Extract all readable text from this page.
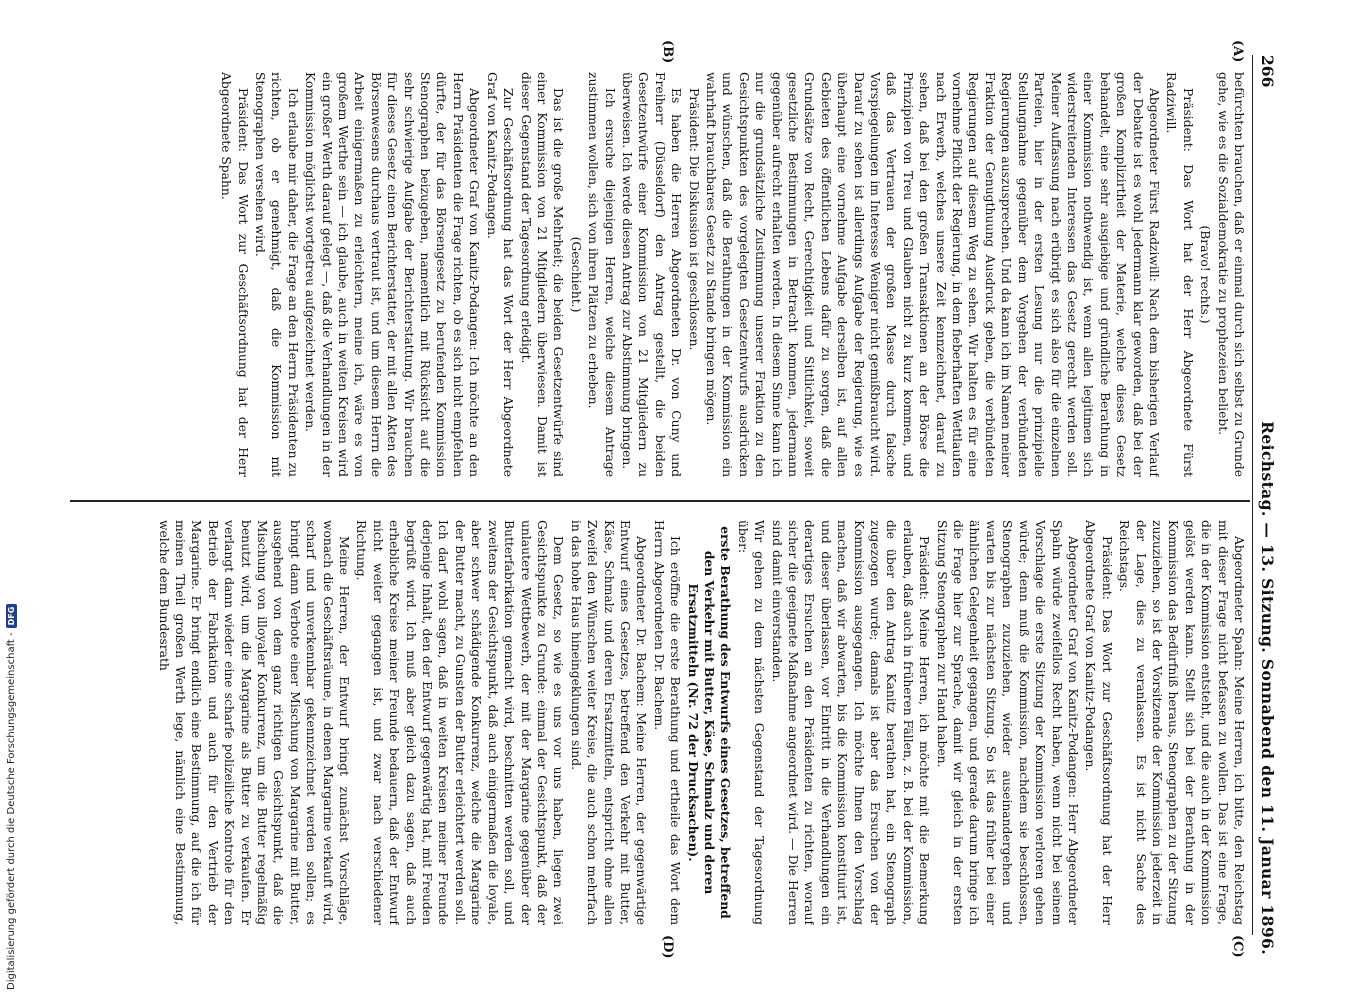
266
Reichstag. — 13. Sitzung. Sonnabend den 11. Januar 1896.
(A)
(B)
(C)
(D)

befürchten brauchen, daß er einmal durch sich selbst zu Grunde gehe, wie es die Sozialdemokratie zu prophezeien beliebt.

(Bravo! rechts.)

Präsident: Das Wort hat der Herr Abgeordnete Fürst Radziwill.

Abgeordneter Fürst Radziwill: Nach dem bisherigen Verlauf der Debatte ist es wohl jedermann klar geworden, daß bei der großen Komplizirtheit der Materie, welche dieses Gesetz behandelt, eine sehr ausgiebige und gründliche Berathung in einer Kommission nothwendig ist, wenn allen legitimen sich widerstreitenden Interessen das Gesetz gerecht werden soll. Meiner Auffassung nach erübrigt es sich also für die einzelnen Parteien, hier in der ersten Lesung nur die prinzipielle Stellungnahme gegenüber dem Vorgehen der verbündeten Regierungen auszusprechen. Und da kann ich im Namen meiner Fraktion der Genugthuung Ausdruck geben, die verbündeten Regierungen auf diesem Weg zu sehen. Wir halten es für eine vornehme Pflicht der Regierung, in dem fieberhaften Wettlaufen nach Erwerb, welches unsere Zeit kennzeichnet, darauf zu sehen, daß bei den großen Transaktionen an der Börse die Prinzipien von Treu und Glauben nicht zu kurz kommen, und daß das Vertrauen der großen Masse durch falsche Vorspiegelungen im Interesse Weniger nicht gemißbraucht wird. Darauf zu sehen ist allerdings Aufgabe der Regierung, wie es überhaupt eine vornehme Aufgabe derselben ist, auf allen Gebieten des öffentlichen Lebens dafür zu sorgen, daß die Grundsätze von Recht, Gerechtigkeit und Sittlichkeit, soweit gesetzliche Bestimmungen in Betracht kommen, jedermann gegenüber aufrecht erhalten werden. In diesem Sinne kann ich nur die grundsätzliche Zustimmung unserer Fraktion zu den Gesichtspunkten des vorgelegten Gesetzentwurfs ausdrücken und wünschen, daß die Berathungen in der Kommission ein wahrhaft brauchbares Gesetz zu Stande bringen mögen.

Präsident: Die Diskussion ist geschlossen.

Es haben die Herren Abgeordneten Dr. von Cuny und Freiherr (Düsseldorf) den Antrag gestellt, die beiden Gesetzentwürfe einer Kommission von 21 Mitgliedern zu überweisen. Ich werde diesen Antrag zur Abstimmung bringen.

Ich ersuche diejenigen Herren, welche diesem Antrage zustimmen wollen, sich von ihren Plätzen zu erheben.

(Geschieht.)

Das ist die große Mehrheit; die beiden Gesetzentwürfe sind einer Kommission von 21 Mitgliedern überwiesen. Damit ist dieser Gegenstand der Tagesordnung erledigt.

Zur Geschäftsordnung hat das Wort der Herr Abgeordnete Graf von Kanitz-Podangen.

Abgeordneter Graf von Kanitz-Podangen: Ich möchte an den Herrn Präsidenten die Frage richten, ob es sich nicht empfehlen dürfte, der für das Börsengesetz zu berufenden Kommission Stenographen beizugeben, namentlich mit Rücksicht auf die sehr schwierige Aufgabe der Berichterstattung. Wir brauchen für dieses Gesetz einen Berichterstatter, der mit allen Akten des Börsenwesens durchaus vertraut ist, und um diesem Herrn die Arbeit einigermaßen zu erleichtern, meine ich, wäre es von großem Werthe sein — ich glaube, auch in weiten Kreisen wird ein großer Werth darauf gelegt —, daß die Verhandlungen in der Kommission möglichst wortgetreu aufgezeichnet werden.

Ich erlaube mir daher, die Frage an den Herrn Präsidenten zu richten, ob er genehmigt, daß die Kommission mit Stenographen versehen wird.

Präsident: Das Wort zur Geschäftsordnung hat der Herr Abgeordnete Spahn.

Abgeordneter Spahn: Meine Herren, ich bitte, den Reichstag mit dieser Frage nicht befassen zu wollen. Das ist eine Frage, die in der Kommission entsteht, und die auch in der Kommission gelöst werden kann. Stellt sich bei der Berathung in der Kommission das Bedürfniß heraus, Stenographen zu der Sitzung zuzuziehen, so ist der Vorsitzende der Kommission jederzeit in der Lage, dies zu veranlassen. Es ist nicht Sache des Reichstags.

Präsident: Das Wort zur Geschäftsordnung hat der Herr Abgeordnete Graf von Kanitz-Podangen.

Abgeordneter Graf von Kanitz-Podangen: Herr Abgeordneter Spahn würde zweifellos Recht haben, wenn nicht bei seinem Vorschlage die erste Sitzung der Kommission verloren gehen würde; denn muß die Kommission, nachdem sie beschlossen, Stenographen zuzuziehen, wieder auseinandergehen und warten bis zur nächsten Sitzung. So ist das früher bei einer ähnlichen Gelegenheit gegangen, und gerade darum bringe ich die Frage hier zur Sprache, damit wir gleich in der ersten Sitzung Stenographen zur Hand haben.

Präsident: Meine Herren, ich möchte mit die Bemerkung erlauben, daß auch in früheren Fällen, z. B. bei der Kommission, die über den Antrag Kanitz berathen hat, ein Stenograph zugezogen wurde; damals ist aber das Ersuchen von der Kommission ausgegangen. Ich möchte Ihnen den Vorschlag machen, daß wir abwarten, bis die Kommission konstituirt ist, und dieser überlassen, vor Eintritt in die Verhandlungen ein derartiges Ersuchen an den Präsidenten zu richten, worauf sicher die geeignete Maßnahme angeordnet wird. — Die Herren sind damit einverstanden.

Wir gehen zu dem nächsten Gegenstand der Tagesordnung über:

erste Berathung des Entwurfs eines Gesetzes, betreffend den Verkehr mit Butter, Käse, Schmalz und deren Ersatzmitteln (Nr. 72 der Drucksachen).

Ich eröffne die erste Berathung und ertheile das Wort dem Herrn Abgeordneten Dr. Bachem.

Abgeordneter Dr. Bachem: Meine Herren, der gegenwärtige Entwurf eines Gesetzes, betreffend den Verkehr mit Butter, Käse, Schmalz und deren Ersatzmitteln, entspricht ohne allen Zweifel den Wünschen weiter Kreise, die auch schon mehrfach in das hohe Haus hineingeklungen sind.

Dem Gesetz, so wie es uns vor uns haben, liegen zwei Gesichtspunkte zu Grunde: einmal der Gesichtspunkt, daß der unlautere Wettbewerb, der mit der Margarine gegenüber der Butterfabrikation gemacht wird, beschnitten werden soll, und zweitens der Gesichtspunkt, daß auch einigermaßen die loyale, aber schwer schädigende Konkurrenz, welche die Margarine der Butter macht, zu Gunsten der Butter erleichtert werden soll. Ich darf wohl sagen, daß in weiten Kreisen meiner Freunde derjenige Inhalt, den der Entwurf gegenwärtig hat, mit Freuden begrüßt wird. Ich muß aber gleich dazu sagen, daß auch erhebliche Kreise meiner Freunde bedauern, daß der Entwurf nicht weiter gegangen ist, und zwar nach verschiedener Richtung.

Meine Herren, der Entwurf bringt zunächst Vorschläge, wonach die Geschäftsräume, in denen Margarine verkauft wird, scharf und unverkennbar gekennzeichnet werden sollen; es bringt dann Verbote einer Mischung von Margarine mit Butter, ausgehend von dem ganz richtigen Gesichtspunkt, daß die Mischung von illoyaler Konkurrenz, um die Butter regelmäßig benutzt wird, um die Margarine als Butter zu verkaufen. Er verlangt dann wieder eine scharfe polizeiliche Kontrole für den Betrieb der Fabrikation und auch für den Vertrieb der Margarine. Er bringt endlich eine Bestimmung, auf die ich für meinen Theil großen Werth lege, nämlich eine Bestimmung, welche dem Bundesrath

Digitalisierung gefördert durch die Deutsche Forschungsgemeinschaft -DFG
